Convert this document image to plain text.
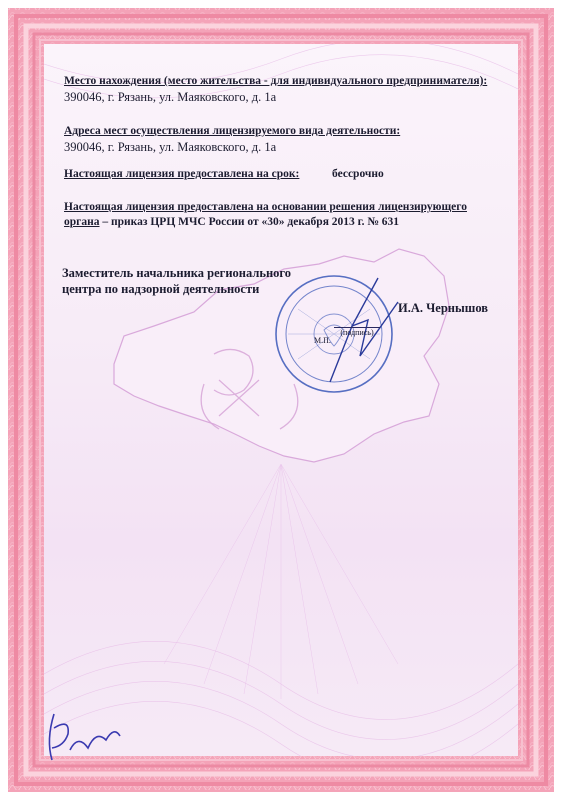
Место нахождения (место жительства - для индивидуального предпринимателя):
390046, г. Рязань, ул. Маяковского, д. 1а
Адреса мест осуществления лицензируемого вида деятельности:
390046, г. Рязань, ул. Маяковского, д. 1а
Настоящая лицензия предоставлена на срок:	бессрочно
Настоящая лицензия предоставлена на основании решения лицензирующего
органа – приказ ЦРЦ МЧС России от «30» декабря 2013 г. № 631
Заместитель начальника регионального
центра по надзорной деятельности
(подпись)
М.П.
И.А. Чернышов
